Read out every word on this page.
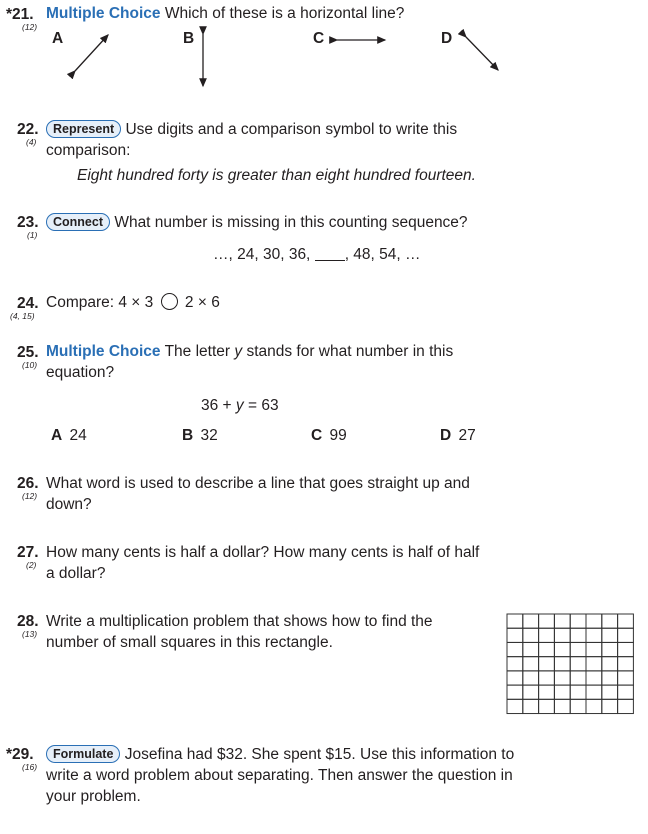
*21.
(12)
Multiple Choice Which of these is a horizontal line?
A	B	C	D
22.
(4)
Represent Use digits and a comparison symbol to write this
comparison:
Eight hundred forty is greater than eight hundred fourteen.
23.
(1)
Connect What number is missing in this counting sequence?
…, 24, 30, 36, , 48, 54, …
24.
(4, 15)
Compare: 4 × 3 2 × 6
25.
(10)
Multiple Choice The letter y stands for what number in this
equation?
36 + y = 63
A 24	B 32	C 99	D 27
26.
(12)
What word is used to describe a line that goes straight up and
down?
27.
(2)
How many cents is half a dollar? How many cents is half of half
a dollar?
28.
(13)
Write a multiplication problem that shows how to find the
number of small squares in this rectangle.
*29.
(16)
Formulate Josefina had $32. She spent $15. Use this information to
write a word problem about separating. Then answer the question in
your problem.
